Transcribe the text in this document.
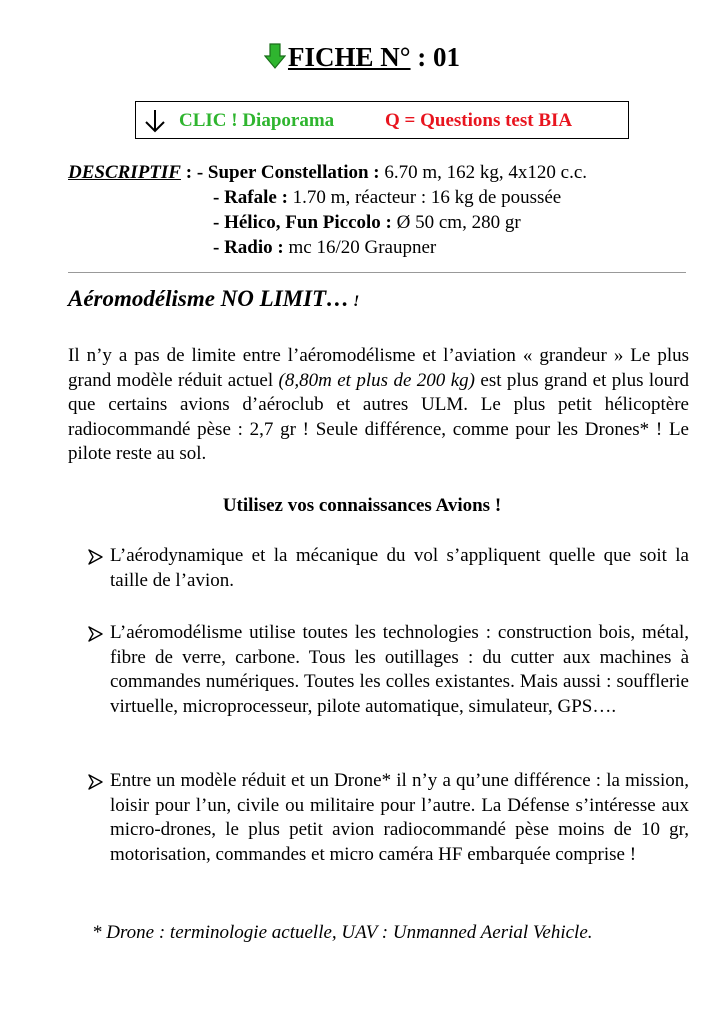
FICHE N° : 01
CLIC ! Diaporama	Q = Questions test BIA
DESCRIPTIF : - Super Constellation : 6.70 m, 162 kg, 4x120 c.c.
- Rafale : 1.70 m, réacteur : 16 kg de poussée
- Hélico, Fun Piccolo : Ø 50 cm, 280 gr
- Radio : mc 16/20 Graupner
Aéromodélisme NO LIMIT… !
Il n’y a pas de limite entre l’aéromodélisme et l’aviation « grandeur » Le plus grand modèle réduit actuel (8,80m et plus de 200 kg) est plus grand et plus lourd que certains avions d’aéroclub et autres ULM. Le plus petit hélicoptère radiocommandé pèse : 2,7 gr ! Seule différence, comme pour les Drones* ! Le pilote reste au sol.
Utilisez vos connaissances Avions !
L’aérodynamique et la mécanique du vol s’appliquent quelle que soit la taille de l’avion.
L’aéromodélisme utilise toutes les technologies : construction bois, métal, fibre de verre, carbone. Tous les outillages : du cutter aux machines à commandes numériques. Toutes les colles existantes. Mais aussi : soufflerie virtuelle, microprocesseur, pilote automatique, simulateur, GPS….
Entre un modèle réduit et un Drone* il n’y a qu’une différence : la mission, loisir pour l’un, civile ou militaire pour l’autre. La Défense s’intéresse aux micro-drones, le plus petit avion radiocommandé pèse moins de 10 gr, motorisation, commandes et micro caméra HF embarquée comprise !
* Drone : terminologie actuelle, UAV : Unmanned Aerial Vehicle.
